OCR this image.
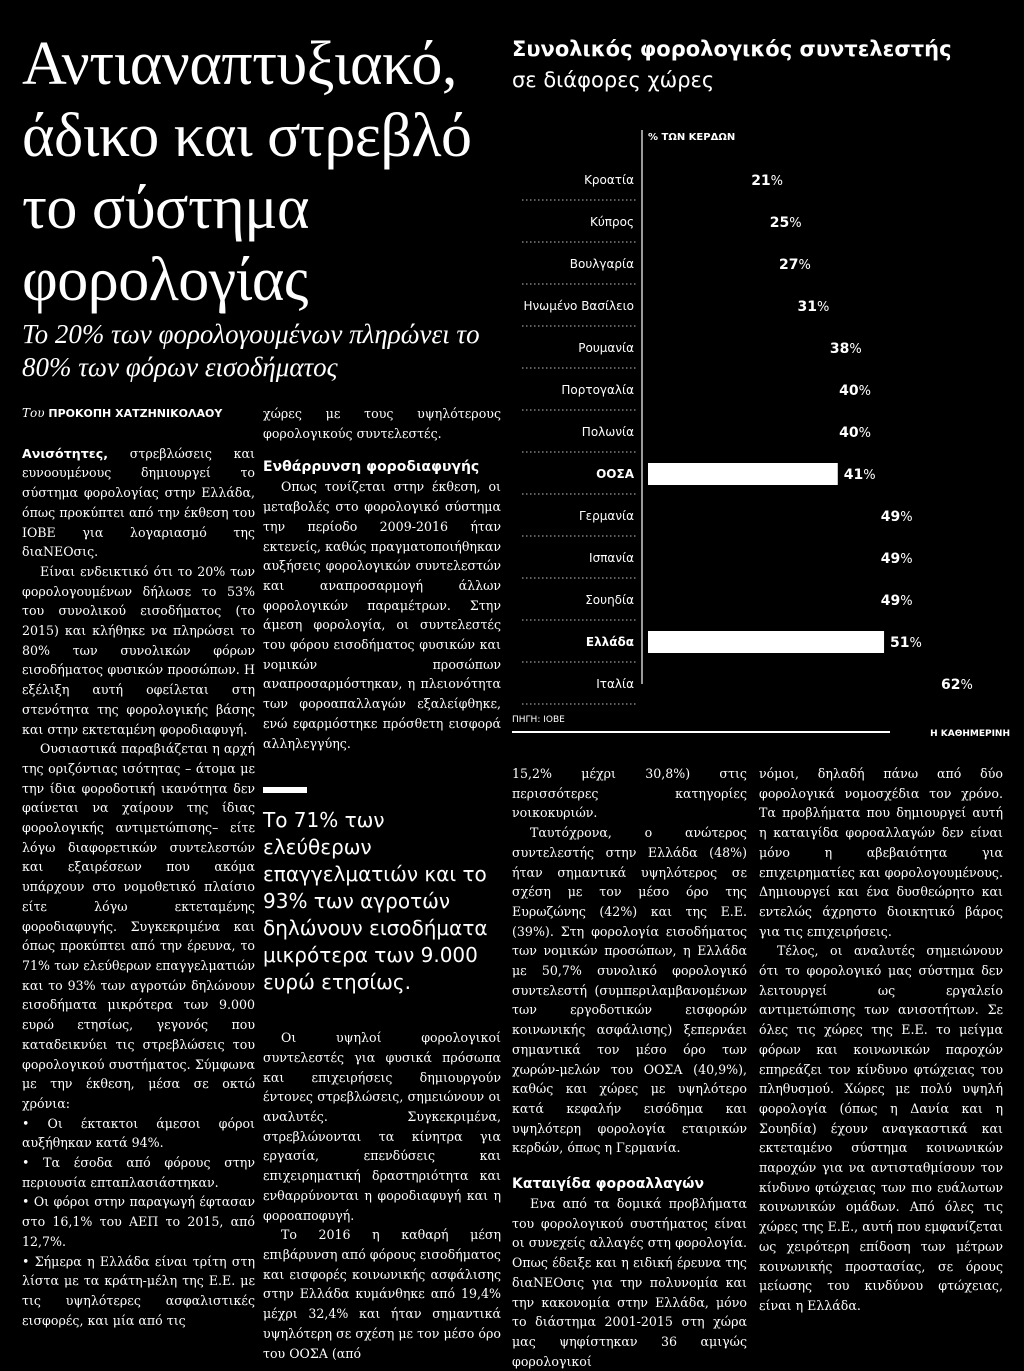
Αντιαναπτυξιακό,
άδικο και στρεβλό
το σύστημα
φορολογίας
Το 20% των φορολογουμένων πληρώνει το 80% των φόρων εισοδήματος
Συνολικός φορολογικός συντελεστής
σε διάφορες χώρες
% ΤΩΝ ΚΕΡΔΩΝ
Κροατία	21%
Κύπρος	25%
Βουλγαρία	27%
Ηνωμένο Βασίλειο	31%
Ρουμανία	38%
Πορτογαλία	40%
Πολωνία	40%
ΟΟΣΑ	41%
Γερμανία	49%
Ισπανία	49%
Σουηδία	49%
Ελλάδα	51%
Ιταλία	62%
ΠΗΓΗ: ΙΟΒΕ
Η ΚΑΘΗΜΕΡΙΝΗ
Του ΠΡΟΚΟΠΗ ΧΑΤΖΗΝΙΚΟΛΑΟΥ

Ανισότητες, στρεβλώσεις και ευνοουμένους δημιουργεί το σύστημα φορολογίας στην Ελλάδα, όπως προκύπτει από την έκθεση του ΙΟΒΕ για λογαριασμό της διαΝΕΟσις.

Είναι ενδεικτικό ότι το 20% των φορολογουμένων δήλωσε το 53% του συνολικού εισοδήματος (το 2015) και κλήθηκε να πληρώσει το 80% των συνολικών φόρων εισοδήματος φυσικών προσώπων. Η εξέλιξη αυτή οφείλεται στη στενότητα της φορολογικής βάσης και στην εκτεταμένη φοροδιαφυγή.

Ουσιαστικά παραβιάζεται η αρχή της οριζόντιας ισότητας – άτομα με την ίδια φοροδοτική ικανότητα δεν φαίνεται να χαίρουν της ίδιας φορολογικής αντιμετώπισης– είτε λόγω διαφορετικών συντελεστών και εξαιρέσεων που ακόμα υπάρχουν στο νομοθετικό πλαίσιο είτε λόγω εκτεταμένης φοροδιαφυγής. Συγκεκριμένα και όπως προκύπτει από την έρευνα, το 71% των ελεύθερων επαγγελματιών και το 93% των αγροτών δηλώνουν εισοδήματα μικρότερα των 9.000 ευρώ ετησίως, γεγονός που καταδεικνύει τις στρεβλώσεις του φορολογικού συστήματος. Σύμφωνα με την έκθεση, μέσα σε οκτώ χρόνια:

• Οι έκτακτοι άμεσοι φόροι αυξήθηκαν κατά 94%.

• Τα έσοδα από φόρους στην περιουσία επταπλασιάστηκαν.

• Οι φόροι στην παραγωγή έφτασαν στο 16,1% του ΑΕΠ το 2015, από 12,7%.

• Σήμερα η Ελλάδα είναι τρίτη στη λίστα με τα κράτη-μέλη της Ε.Ε. με τις υψηλότερες ασφαλιστικές εισφορές, και μία από τις

χώρες με τους υψηλότερους φορολογικούς συντελεστές.

Ενθάρρυνση φοροδιαφυγής

Οπως τονίζεται στην έκθεση, οι μεταβολές στο φορολογικό σύστημα την περίοδο 2009-2016 ήταν εκτενείς, καθώς πραγματοποιήθηκαν αυξήσεις φορολογικών συντελεστών και αναπροσαρμογή άλλων φορολογικών παραμέτρων. Στην άμεση φορολογία, οι συντελεστές του φόρου εισοδήματος φυσικών και νομικών προσώπων αναπροσαρμόστηκαν, η πλειονότητα των φοροαπαλλαγών εξαλείφθηκε, ενώ εφαρμόστηκε πρόσθετη εισφορά αλληλεγγύης.

Το 71% των ελεύθερων επαγγελματιών και το 93% των αγροτών δηλώνουν εισοδήματα μικρότερα των 9.000 ευρώ ετησίως.

Οι υψηλοί φορολογικοί συντελεστές για φυσικά πρόσωπα και επιχειρήσεις δημιουργούν έντονες στρεβλώσεις, σημειώνουν οι αναλυτές. Συγκεκριμένα, στρεβλώνονται τα κίνητρα για εργασία, επενδύσεις και επιχειρηματική δραστηριότητα και ενθαρρύνονται η φοροδιαφυγή και η φοροαποφυγή.

Το 2016 η καθαρή μέση επιβάρυνση από φόρους εισοδήματος και εισφορές κοινωνικής ασφάλισης στην Ελλάδα κυμάνθηκε από 19,4% μέχρι 32,4% και ήταν σημαντικά υψηλότερη σε σχέση με τον μέσο όρο του ΟΟΣΑ (από

15,2% μέχρι 30,8%) στις περισσότερες κατηγορίες νοικοκυριών.

Ταυτόχρονα, ο ανώτερος συντελεστής στην Ελλάδα (48%) ήταν σημαντικά υψηλότερος σε σχέση με τον μέσο όρο της Ευρωζώνης (42%) και της Ε.Ε. (39%). Στη φορολογία εισοδήματος των νομικών προσώπων, η Ελλάδα με 50,7% συνολικό φορολογικό συντελεστή (συμπεριλαμβανομένων των εργοδοτικών εισφορών κοινωνικής ασφάλισης) ξεπερνάει σημαντικά τον μέσο όρο των χωρών-μελών του ΟΟΣΑ (40,9%), καθώς και χώρες με υψηλότερο κατά κεφαλήν εισόδημα και υψηλότερη φορολογία εταιρικών κερδών, όπως η Γερμανία.

Καταιγίδα φοροαλλαγών

Ενα από τα δομικά προβλήματα του φορολογικού συστήματος είναι οι συνεχείς αλλαγές στη φορολογία. Οπως έδειξε και η ειδική έρευνα της διαΝΕΟσις για την πολυνομία και την κακονομία στην Ελλάδα, μόνο το διάστημα 2001-2015 στη χώρα μας ψηφίστηκαν 36 αμιγώς φορολογικοί

νόμοι, δηλαδή πάνω από δύο φορολογικά νομοσχέδια τον χρόνο. Τα προβλήματα που δημιουργεί αυτή η καταιγίδα φοροαλλαγών δεν είναι μόνο η αβεβαιότητα για επιχειρηματίες και φορολογουμένους. Δημιουργεί και ένα δυσθεώρητο και εντελώς άχρηστο διοικητικό βάρος για τις επιχειρήσεις.

Τέλος, οι αναλυτές σημειώνουν ότι το φορολογικό μας σύστημα δεν λειτουργεί ως εργαλείο αντιμετώπισης των ανισοτήτων. Σε όλες τις χώρες της Ε.Ε. το μείγμα φόρων και κοινωνικών παροχών επηρεάζει τον κίνδυνο φτώχειας του πληθυσμού. Χώρες με πολύ υψηλή φορολογία (όπως η Δανία και η Σουηδία) έχουν αναγκαστικά και εκτεταμένο σύστημα κοινωνικών παροχών για να αντισταθμίσουν τον κίνδυνο φτώχειας των πιο ευάλωτων κοινωνικών ομάδων. Από όλες τις χώρες της Ε.Ε., αυτή που εμφανίζεται ως χειρότερη επίδοση των μέτρων κοινωνικής προστασίας, σε όρους μείωσης του κινδύνου φτώχειας, είναι η Ελλάδα.
